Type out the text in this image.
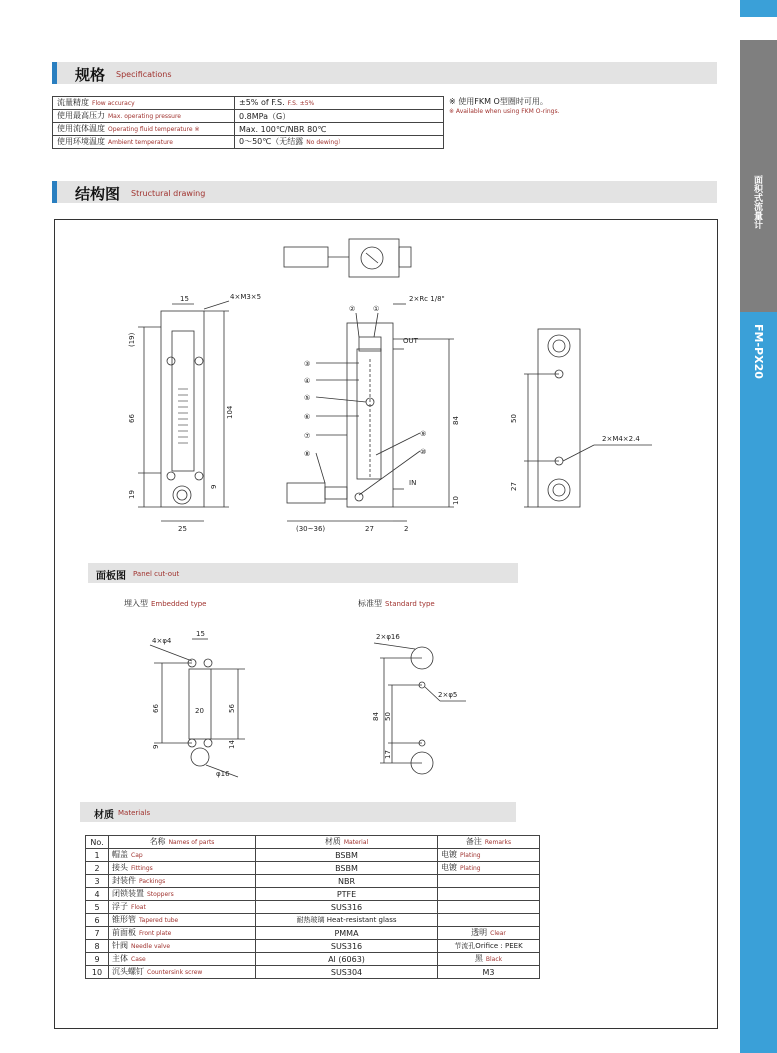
面积式流量计
FM-PX20
规格 Specifications
流量精度 Flow accuracy	±5% of F.S. F.S. ±5%
使用最高压力 Max. operating pressure	0.8MPa（G）
使用流体温度 Operating fluid temperature ※	Max. 100℃/NBR 80℃
使用环境温度 Ambient temperature	0～50℃（无结露 No dewing）
※ 使用FKM O型圈时可用。
※ Available when using FKM O-rings.
结构图 Structural drawing
15	4×M3×5
(19)
66
19
104
9
25
2×Rc 1/8"
OUT
IN
84
10
(30~36)	27	2
50
27
2×M4×2.4
②	①
③
④
⑤
⑥
⑦
⑧
⑨
⑩
面板图 Panel cut-out
埋入型 Embedded type	标准型 Standard type
4×φ4
15
66	20	56
9	14
φ16
2×φ16
2×φ5
84 50
17
材质 Materials
No.	名称 Names of parts	材质 Material	备注 Remarks
1	帽盖 Cap	BSBM	电镀 Plating
2	接头 Fittings	BSBM	电镀 Plating
3	封装件 Packings	NBR	
4	闭锁装置 Stoppers	PTFE	
5	浮子 Float	SUS316	
6	锥形管 Tapered tube	耐热玻璃 Heat-resistant glass	
7	前面板 Front plate	PMMA	透明 Clear
8	针阀 Needle valve	SUS316	节流孔Orifice : PEEK
9	主体 Case	Al (6063)	黑 Black
10	沉头螺钉 Countersink screw	SUS304	M3
